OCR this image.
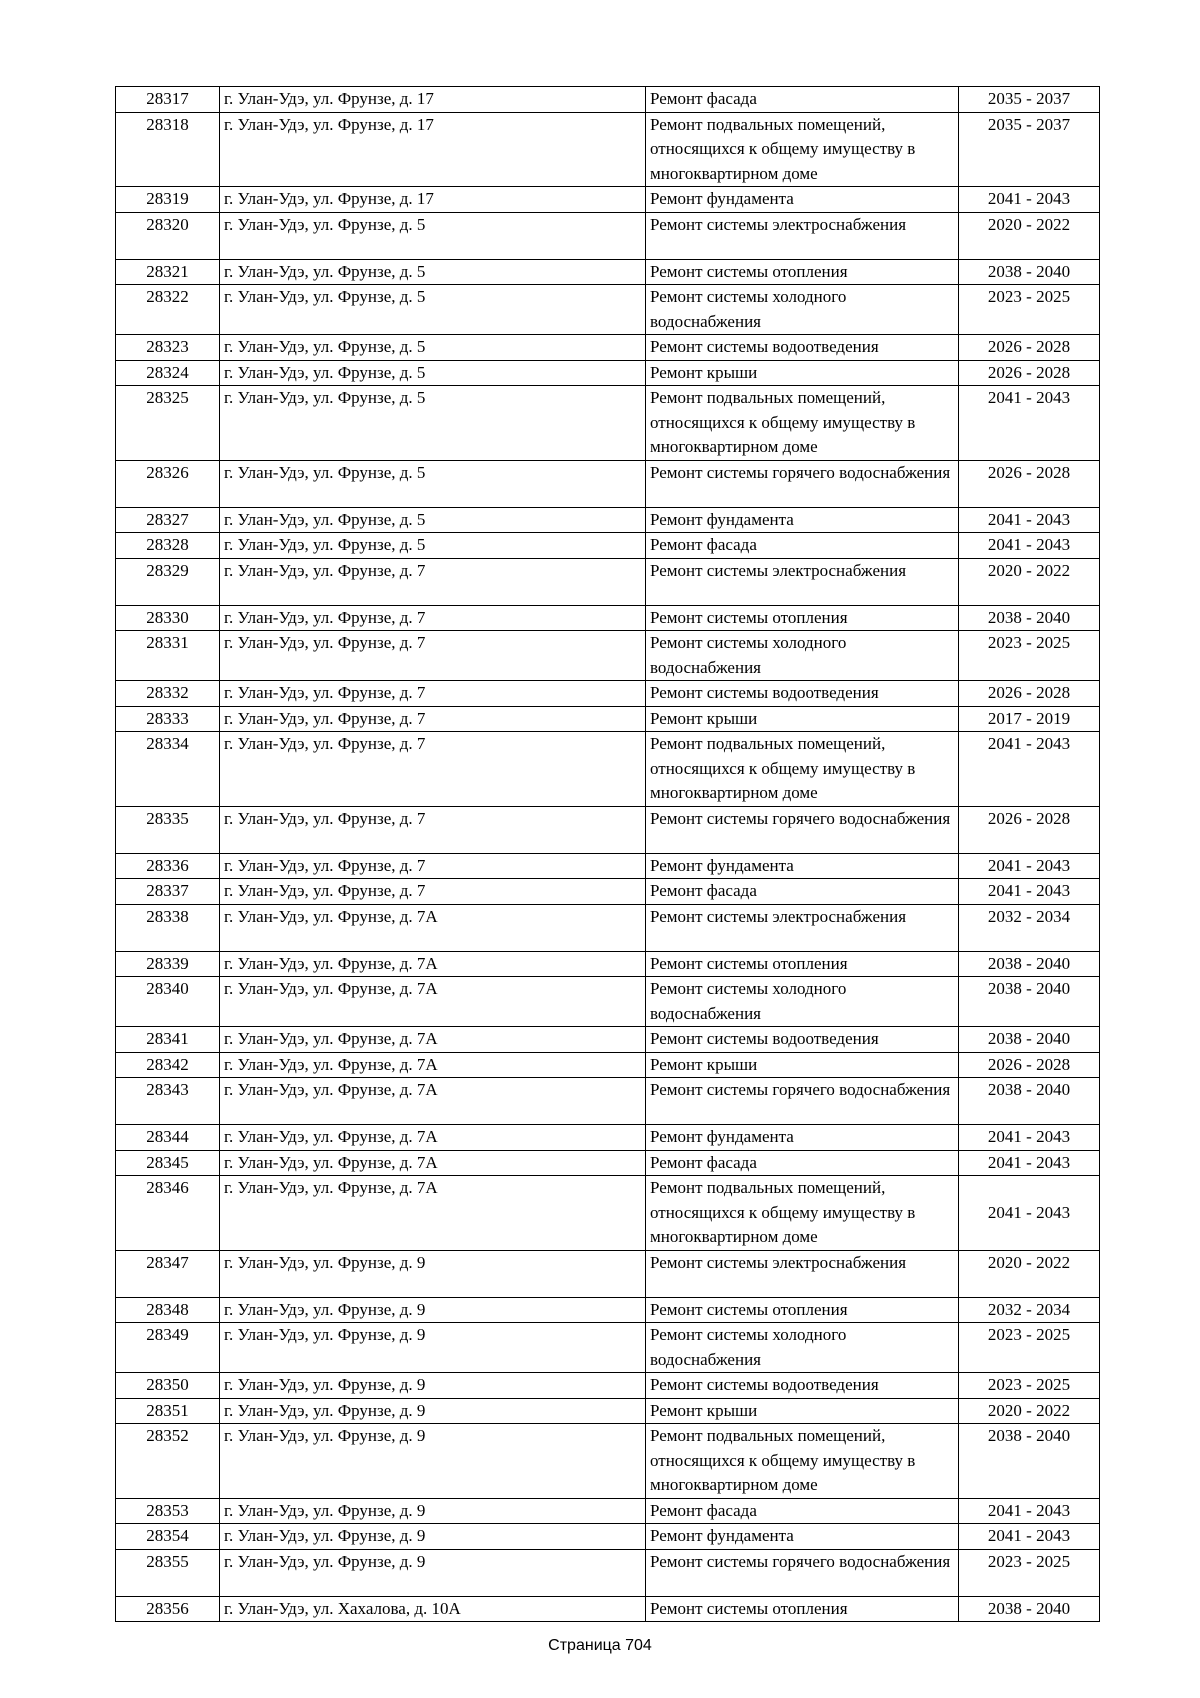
28317	г. Улан-Удэ, ул. Фрунзе, д. 17	Ремонт фасада	2035 - 2037
28318	г. Улан-Удэ, ул. Фрунзе, д. 17	Ремонт подвальных помещений, относящихся к общему имуществу в многоквартирном доме	2035 - 2037
28319	г. Улан-Удэ, ул. Фрунзе, д. 17	Ремонт фундамента	2041 - 2043
28320	г. Улан-Удэ, ул. Фрунзе, д. 5	Ремонт системы электроснабжения	2020 - 2022
28321	г. Улан-Удэ, ул. Фрунзе, д. 5	Ремонт системы отопления	2038 - 2040
28322	г. Улан-Удэ, ул. Фрунзе, д. 5	Ремонт системы холодного водоснабжения	2023 - 2025
28323	г. Улан-Удэ, ул. Фрунзе, д. 5	Ремонт системы водоотведения	2026 - 2028
28324	г. Улан-Удэ, ул. Фрунзе, д. 5	Ремонт крыши	2026 - 2028
28325	г. Улан-Удэ, ул. Фрунзе, д. 5	Ремонт подвальных помещений, относящихся к общему имуществу в многоквартирном доме	2041 - 2043
28326	г. Улан-Удэ, ул. Фрунзе, д. 5	Ремонт системы горячего водоснабжения	2026 - 2028
28327	г. Улан-Удэ, ул. Фрунзе, д. 5	Ремонт фундамента	2041 - 2043
28328	г. Улан-Удэ, ул. Фрунзе, д. 5	Ремонт фасада	2041 - 2043
28329	г. Улан-Удэ, ул. Фрунзе, д. 7	Ремонт системы электроснабжения	2020 - 2022
28330	г. Улан-Удэ, ул. Фрунзе, д. 7	Ремонт системы отопления	2038 - 2040
28331	г. Улан-Удэ, ул. Фрунзе, д. 7	Ремонт системы холодного водоснабжения	2023 - 2025
28332	г. Улан-Удэ, ул. Фрунзе, д. 7	Ремонт системы водоотведения	2026 - 2028
28333	г. Улан-Удэ, ул. Фрунзе, д. 7	Ремонт крыши	2017 - 2019
28334	г. Улан-Удэ, ул. Фрунзе, д. 7	Ремонт подвальных помещений, относящихся к общему имуществу в многоквартирном доме	2041 - 2043
28335	г. Улан-Удэ, ул. Фрунзе, д. 7	Ремонт системы горячего водоснабжения	2026 - 2028
28336	г. Улан-Удэ, ул. Фрунзе, д. 7	Ремонт фундамента	2041 - 2043
28337	г. Улан-Удэ, ул. Фрунзе, д. 7	Ремонт фасада	2041 - 2043
28338	г. Улан-Удэ, ул. Фрунзе, д. 7А	Ремонт системы электроснабжения	2032 - 2034
28339	г. Улан-Удэ, ул. Фрунзе, д. 7А	Ремонт системы отопления	2038 - 2040
28340	г. Улан-Удэ, ул. Фрунзе, д. 7А	Ремонт системы холодного водоснабжения	2038 - 2040
28341	г. Улан-Удэ, ул. Фрунзе, д. 7А	Ремонт системы водоотведения	2038 - 2040
28342	г. Улан-Удэ, ул. Фрунзе, д. 7А	Ремонт крыши	2026 - 2028
28343	г. Улан-Удэ, ул. Фрунзе, д. 7А	Ремонт системы горячего водоснабжения	2038 - 2040
28344	г. Улан-Удэ, ул. Фрунзе, д. 7А	Ремонт фундамента	2041 - 2043
28345	г. Улан-Удэ, ул. Фрунзе, д. 7А	Ремонт фасада	2041 - 2043
28346	г. Улан-Удэ, ул. Фрунзе, д. 7А	Ремонт подвальных помещений, относящихся к общему имуществу в многоквартирном доме	2041 - 2043
28347	г. Улан-Удэ, ул. Фрунзе, д. 9	Ремонт системы электроснабжения	2020 - 2022
28348	г. Улан-Удэ, ул. Фрунзе, д. 9	Ремонт системы отопления	2032 - 2034
28349	г. Улан-Удэ, ул. Фрунзе, д. 9	Ремонт системы холодного водоснабжения	2023 - 2025
28350	г. Улан-Удэ, ул. Фрунзе, д. 9	Ремонт системы водоотведения	2023 - 2025
28351	г. Улан-Удэ, ул. Фрунзе, д. 9	Ремонт крыши	2020 - 2022
28352	г. Улан-Удэ, ул. Фрунзе, д. 9	Ремонт подвальных помещений, относящихся к общему имуществу в многоквартирном доме	2038 - 2040
28353	г. Улан-Удэ, ул. Фрунзе, д. 9	Ремонт фасада	2041 - 2043
28354	г. Улан-Удэ, ул. Фрунзе, д. 9	Ремонт фундамента	2041 - 2043
28355	г. Улан-Удэ, ул. Фрунзе, д. 9	Ремонт системы горячего водоснабжения	2023 - 2025
28356	г. Улан-Удэ, ул. Хахалова, д. 10А	Ремонт системы отопления	2038 - 2040
Страница 704
